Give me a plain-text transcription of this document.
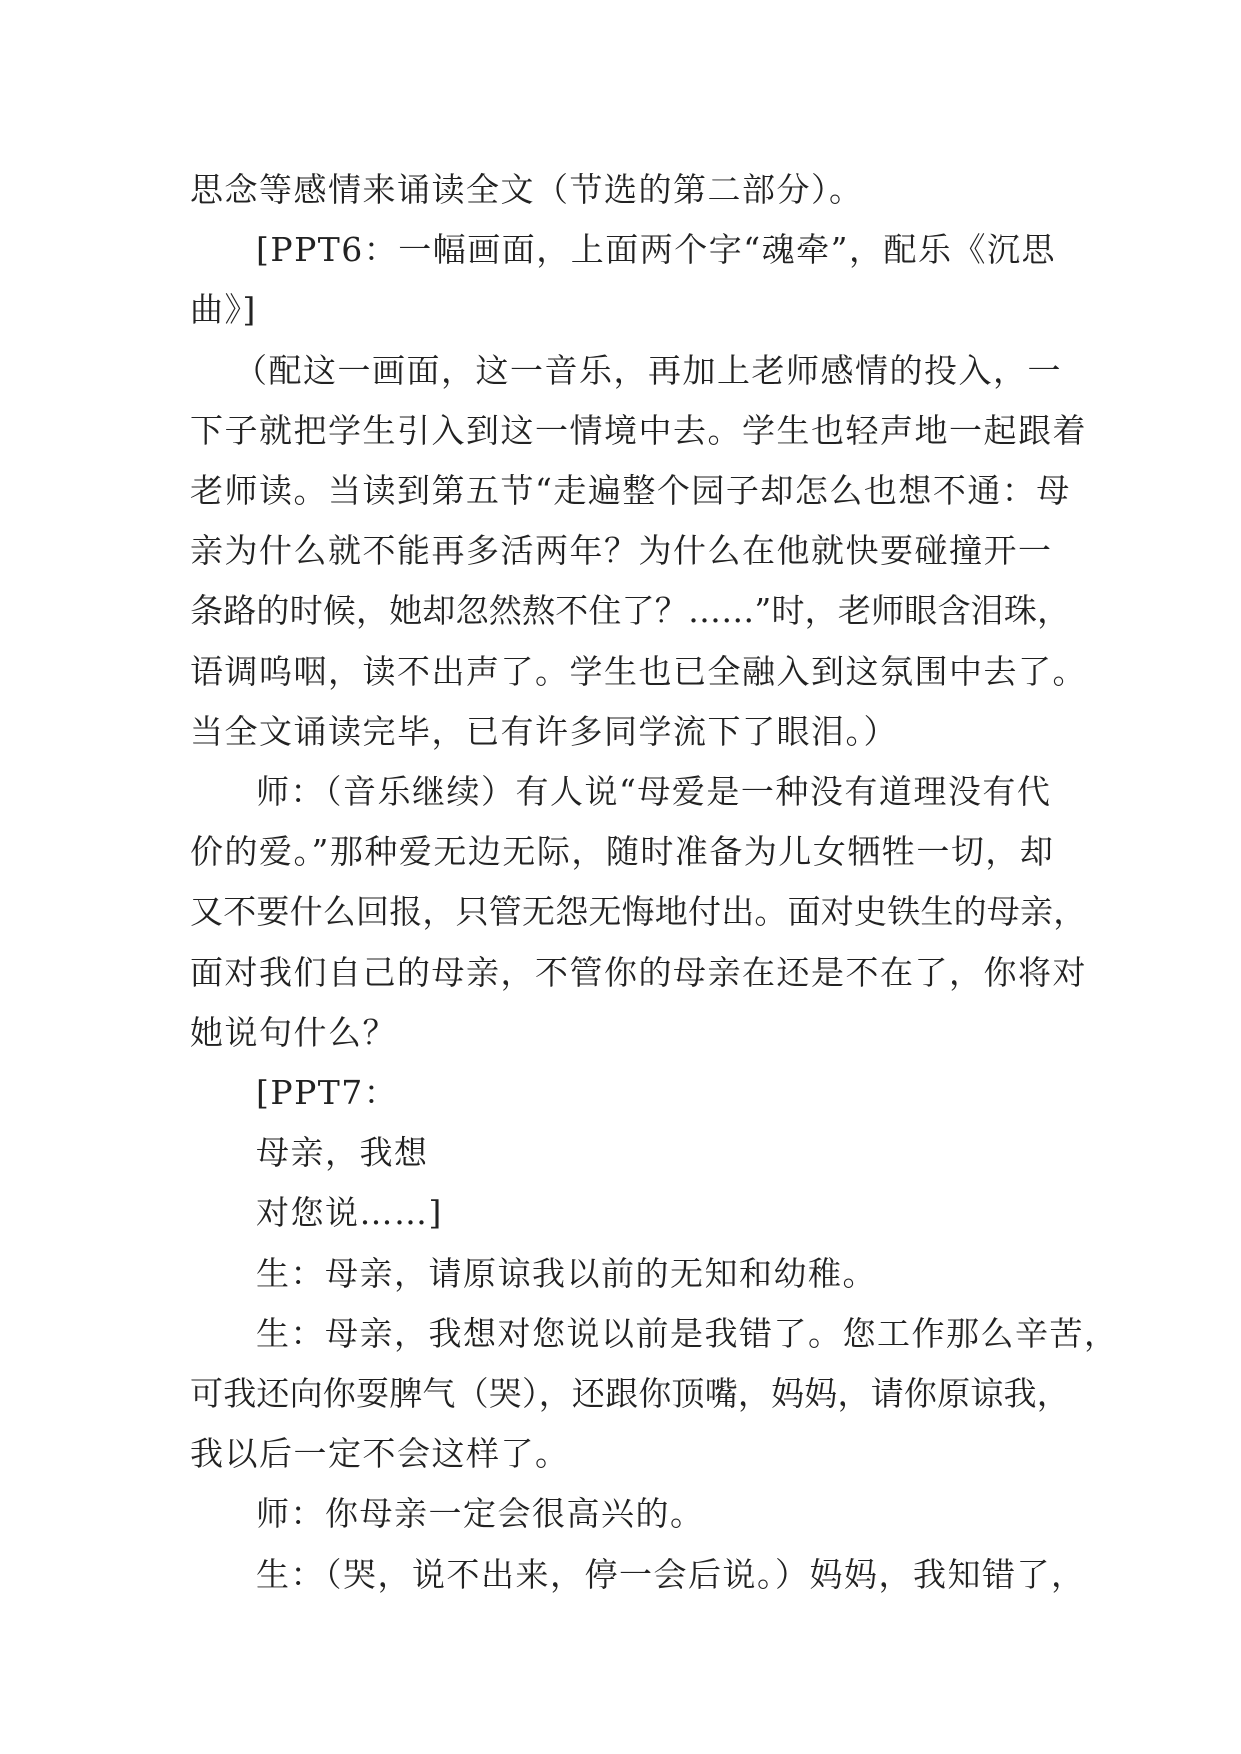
思念等感情来诵读全文（节选的第二部分）。
[PPT6：一幅画面，上面两个字“魂牵”，配乐《沉思
曲》]
（配这一画面，这一音乐，再加上老师感情的投入，一
下子就把学生引入到这一情境中去。学生也轻声地一起跟着
老师读。当读到第五节“走遍整个园子却怎么也想不通：母
亲为什么就不能再多活两年？为什么在他就快要碰撞开一
条路的时候，她却忽然熬不住了？……”时，老师眼含泪珠，
语调呜咽，读不出声了。学生也已全融入到这氛围中去了。
当全文诵读完毕，已有许多同学流下了眼泪。）
师：（音乐继续）有人说“母爱是一种没有道理没有代
价的爱。”那种爱无边无际，随时准备为儿女牺牲一切，却
又不要什么回报，只管无怨无悔地付出。面对史铁生的母亲，
面对我们自己的母亲，不管你的母亲在还是不在了，你将对
她说句什么？
[PPT7：
母亲，我想
对您说……]
生：母亲，请原谅我以前的无知和幼稚。
生：母亲，我想对您说以前是我错了。您工作那么辛苦，
可我还向你耍脾气（哭），还跟你顶嘴，妈妈，请你原谅我，
我以后一定不会这样了。
师：你母亲一定会很高兴的。
生：（哭，说不出来，停一会后说。）妈妈，我知错了，
